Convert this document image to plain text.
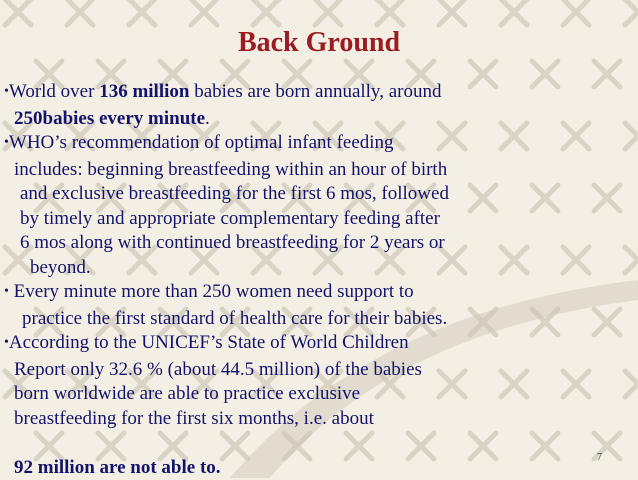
Back Ground
•World over 136 million babies are born annually, around
250babies every minute.
•WHO’s recommendation of optimal infant feeding
includes: beginning breastfeeding within an hour of birth
and exclusive breastfeeding for the first 6 mos, followed
by timely and appropriate complementary feeding after
6 mos along with continued breastfeeding for 2 years or
beyond.
• Every minute more than 250 women need support to
practice the first standard of health care for their babies.
•According to the UNICEF’s State of World Children
Report only 32.6 % (about 44.5 million) of the babies
born worldwide are able to practice exclusive
breastfeeding for the first six months, i.e. about

92 million are not able to.	7
